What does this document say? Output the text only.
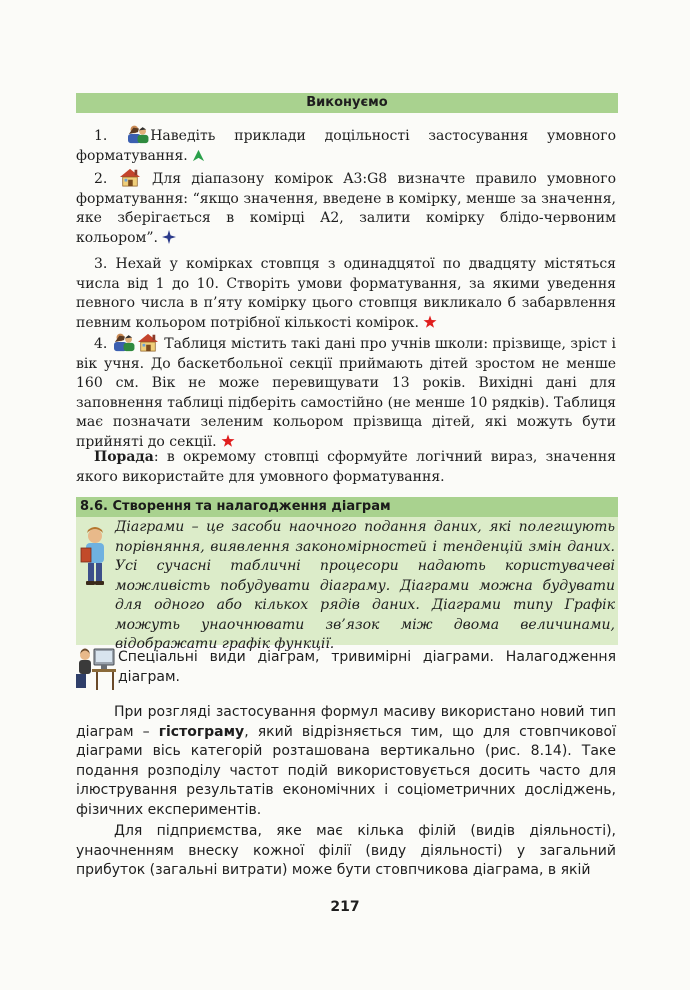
Виконуємо
1.	Наведіть приклади доцільності застосування умовного форматування.
2.	Для діапазону комірок A3:G8 визначте правило умовного форматування: “якщо значення, введене в комірку, менше за значення, яке зберігається в комірці A2, залити комірку блідо-червоним кольором”.
3. Нехай у комірках стовпця з одинадцятої по двадцяту містяться числа від 1 до 10. Створіть умови форматування, за якими уведення певного числа в п’яту комірку цього стовпця викликало б забарвлення певним кольором потрібної кількості комірок.
4.	Таблиця містить такі дані про учнів школи: прізвище, зріст і вік учня. До баскетбольної секції приймають дітей зростом не менше 160 см. Вік не може перевищувати 13 років. Вихідні дані для заповнення таблиці підберіть самостійно (не менше 10 рядків). Таблиця має позначати зеленим кольором прізвища дітей, які можуть бути прийняті до секції.
Порада: в окремому стовпці сформуйте логічний вираз, значення якого використайте для умовного форматування.
8.6. Створення та налагодження діаграм
Діаграми – це засоби наочного подання даних, які полегшують порівняння, виявлення закономірностей і тенденцій змін даних. Усі сучасні табличні процесори надають користувачеві можливість побудувати діаграму. Діаграми можна будувати для одного або кількох рядів даних. Діаграми типу Графік можуть унаочнювати зв’язок між двома величинами, відображати графік функції.
Спеціальні види діаграм, тривимірні діаграми. Налагодження діаграм.
При розгляді застосування формул масиву використано новий тип діаграм – гістограму, який відрізняється тим, що для стовпчикової діаграми вісь категорій розташована вертикально (рис. 8.14). Таке подання розподілу частот подій використовується досить часто для ілюстрування результатів економічних і соціометричних досліджень, фізичних експериментів.
Для підприємства, яке має кілька філій (видів діяльності), унаочненням внеску кожної філії (виду діяльності) у загальний прибуток (загальні витрати) може бути стовпчикова діаграма, в якій
217
